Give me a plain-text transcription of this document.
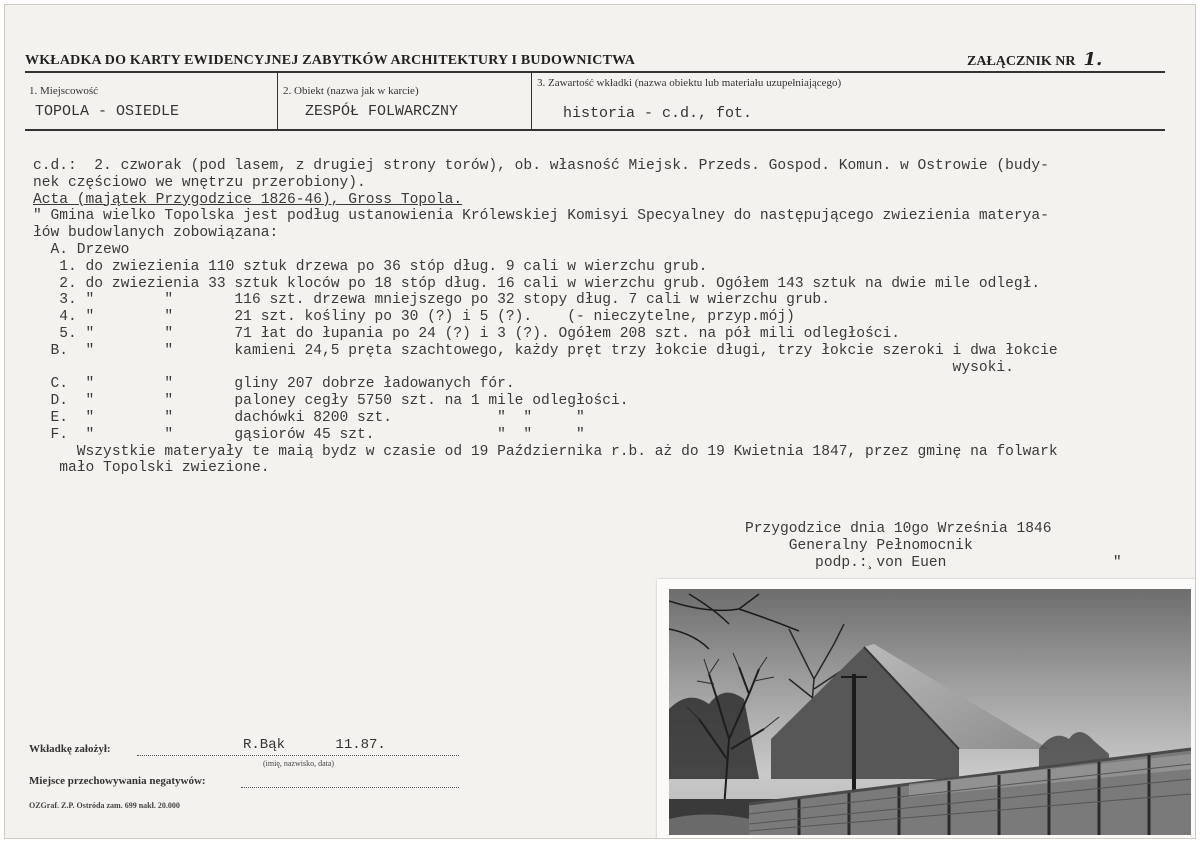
WKŁADKA DO KARTY EWIDENCYJNEJ ZABYTKÓW ARCHITEKTURY I BUDOWNICTWA	ZAŁĄCZNIK NR 1.
1. Miejscowość
TOPOLA - OSIEDLE
2. Obiekt (nazwa jak w karcie)
ZESPÓŁ FOLWARCZNY
3. Zawartość wkładki (nazwa obiektu lub materiału uzupełniającego)
historia - c.d., fot.
c.d.:  2. czworak (pod lasem, z drugiej strony torów), ob. własność Miejsk. Przeds. Gospod. Komun. w Ostrowie (budy-
nek częściowo we wnętrzu przerobiony).
Acta (majątek Przygodzice 1826-46), Gross Topola.
" Gmina wielko Topolska jest podług ustanowienia Królewskiej Komisyi Specyalney do następującego zwiezienia materya-
łów budowlanych zobowiązana:
A. Drzewo
1. do zwiezienia 110 sztuk drzewa po 36 stóp dług. 9 cali w wierzchu grub.
2. do zwiezienia 33 sztuk kloców po 18 stóp dług. 16 cali w wierzchu grub. Ogółem 143 sztuk na dwie mile odległ.
3. "        "       116 szt. drzewa mniejszego po 32 stopy dług. 7 cali w wierzchu grub.
4. "        "       21 szt. kośliny po 30 (?) i 5 (?).    (- nieczytelne, przyp.mój)
5. "        "       71 łat do łupania po 24 (?) i 3 (?). Ogółem 208 szt. na pół mili odległości.
B.  "        "       kamieni 24,5 pręta szachtowego, każdy pręt trzy łokcie długi, trzy łokcie szeroki i dwa łokcie
wysoki.
C.  "        "       gliny 207 dobrze ładowanych fór.
D.  "        "       paloney cegły 5750 szt. na 1 mile odległości.
E.  "        "       dachówki 8200 szt.            "  "     "
F.  "        "       gąsiorów 45 szt.              "  "     "
Wszystkie materyały te maią bydz w czasie od 19 Października r.b. aż do 19 Kwietnia 1847, przez gminę na folwark
mało Topolski zwiezione.
Przygodzice dnia 10go Września 1846
Generalny Pełnomocnik
podp.:¸von Euen                   "
Wkładkę założył:	R.Bąk      11.87.
(imię, nazwisko, data)
Miejsce przechowywania negatywów:
OZGraf. Z.P. Ostróda zam. 699 nakł. 20.000
